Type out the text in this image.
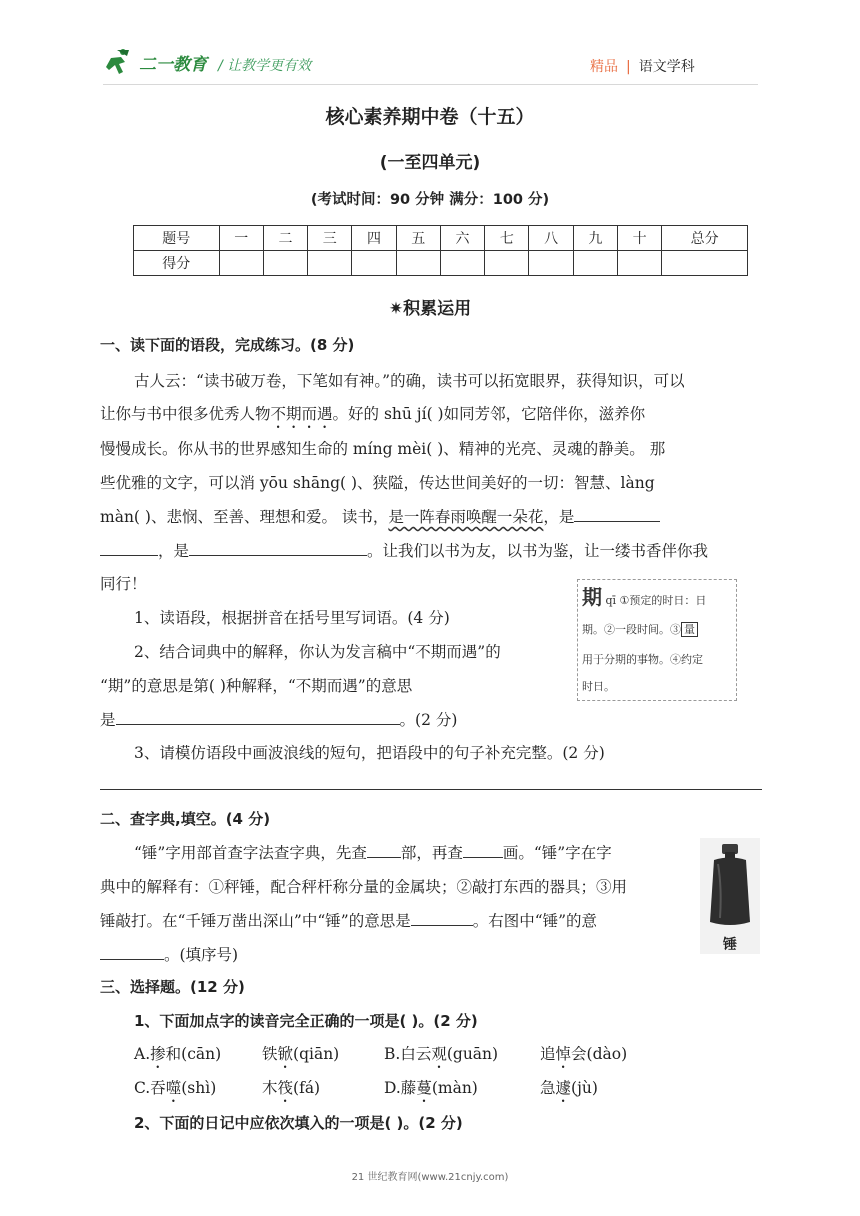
二一教育 / 让教学更有效	精品 | 语文学科
核心素养期中卷（十五）
(一至四单元)
(考试时间：90 分钟 满分：100 分)
题号	一	二	三	四	五	六	七	八	九	十	总分
得分											
✷积累运用
一、读下面的语段，完成练习。(8 分)
古人云：“读书破万卷，下笔如有神。”的确，读书可以拓宽眼界，获得知识，可以
让你与书中很多优秀人物不期而遇。好的 shū jí( )如同芳邻，它陪伴你，滋养你
慢慢成长。你从书的世界感知生命的 míng mèi( )、精神的光亮、灵魂的静美。 那
些优雅的文字，可以消 yōu shāng( )、狭隘，传达世间美好的一切：智慧、làng
màn( )、悲悯、至善、理想和爱。 读书，是一阵春雨唤醒一朵花，是
，是	。让我们以书为友，以书为鉴，让一缕书香伴你我
同行！
1、读语段，根据拼音在括号里写词语。(4 分)
2、结合词典中的解释，你认为发言稿中“不期而遇”的
“期”的意思是第( )种解释，“不期而遇”的意思
是	。(2 分)
3、请模仿语段中画波浪线的短句，把语段中的句子补充完整。(2 分)
期 qī ①预定的时日：日
期。②一段时间。③ 量
用于分期的事物。④约定
时日。
二、查字典,填空。(4 分)
“锤”字用部首查字法查字典，先查 部，再查	画。“锤”字在字
典中的解释有：①秤锤，配合秤杆称分量的金属块；②敲打东西的器具；③用
锤敲打。在“千锤万凿出深山”中“锤”的意思是	。右图中“锤”的意
。(填序号)
锤
三、选择题。(12 分)
1、下面加点字的读音完全正确的一项是( )。(2 分)
A.掺和(cān)	铁锨(qiān)	B.白云观(guān)	追悼会(dào)
C.吞噬(shì)	木筏(fá)	D.藤蔓(màn)	急遽(jù)
2、下面的日记中应依次填入的一项是( )。(2 分)
21 世纪教育网(www.21cnjy.com)
